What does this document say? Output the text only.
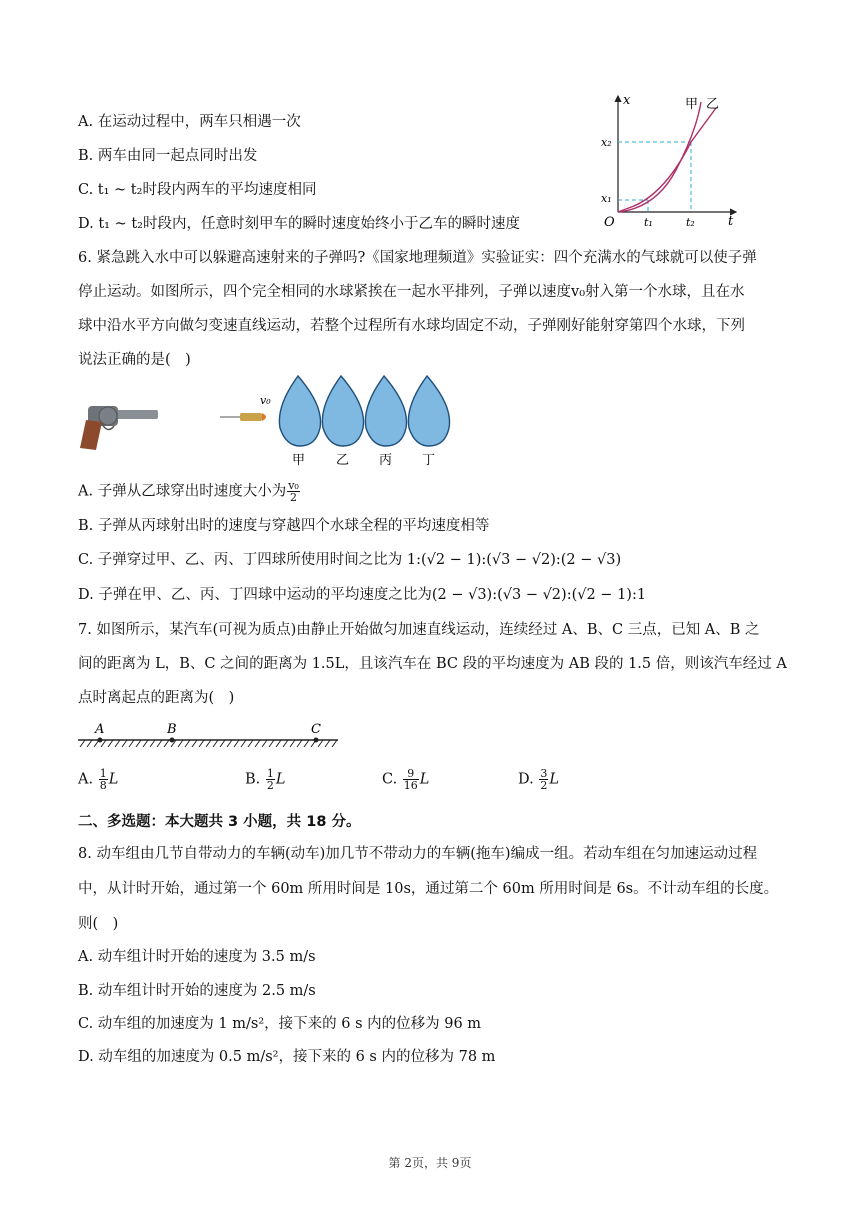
A. 在运动过程中，两车只相遇一次
B. 两车由同一起点同时出发
C. t₁ ~ t₂时段内两车的平均速度相同
D. t₁ ~ t₂时段内，任意时刻甲车的瞬时速度始终小于乙车的瞬时速度
x
t
O
x₁
x₂
t₁	t₂
甲 乙
6. 紧急跳入水中可以躲避高速射来的子弹吗?《国家地理频道》实验证实：四个充满水的气球就可以使子弹
停止运动。如图所示，四个完全相同的水球紧挨在一起水平排列，子弹以速度v₀射入第一个水球，且在水
球中沿水平方向做匀变速直线运动，若整个过程所有水球均固定不动，子弹刚好能射穿第四个水球，下列
说法正确的是(　)
v₀
甲 乙 丙 丁
A. 子弹从乙球穿出时速度大小为 $\frac{\text{v₀}}{2}$
B. 子弹从丙球射出时的速度与穿越四个水球全程的平均速度相等
C. 子弹穿过甲、乙、丙、丁四球所使用时间之比为 1:(√2 − 1):(√3 − √2):(2 − √3)
D. 子弹在甲、乙、丙、丁四球中运动的平均速度之比为(2 − √3):(√3 − √2):(√2 − 1):1
7. 如图所示，某汽车(可视为质点)由静止开始做匀加速直线运动，连续经过 A、B、C 三点，已知 A、B 之
间的距离为 L，B、C 之间的距离为 1.5L，且该汽车在 BC 段的平均速度为 AB 段的 1.5 倍，则该汽车经过 A
点时离起点的距离为(　)
A	B	C
A. $\frac{1}{8}$ L	B. $\frac{1}{2}$ L	C. $\frac{9}{16}$ L	D. $\frac{3}{2}$ L
二、多选题：本大题共 3 小题，共 18 分。
8. 动车组由几节自带动力的车辆(动车)加几节不带动力的车辆(拖车)编成一组。若动车组在匀加速运动过程
中，从计时开始，通过第一个 60m 所用时间是 10s，通过第二个 60m 所用时间是 6s。不计动车组的长度。
则(　)
A. 动车组计时开始的速度为 3.5 m/s
B. 动车组计时开始的速度为 2.5 m/s
C. 动车组的加速度为 1 m/s²，接下来的 6 s 内的位移为 96 m
D. 动车组的加速度为 0.5 m/s²，接下来的 6 s 内的位移为 78 m
第 2页，共 9页
